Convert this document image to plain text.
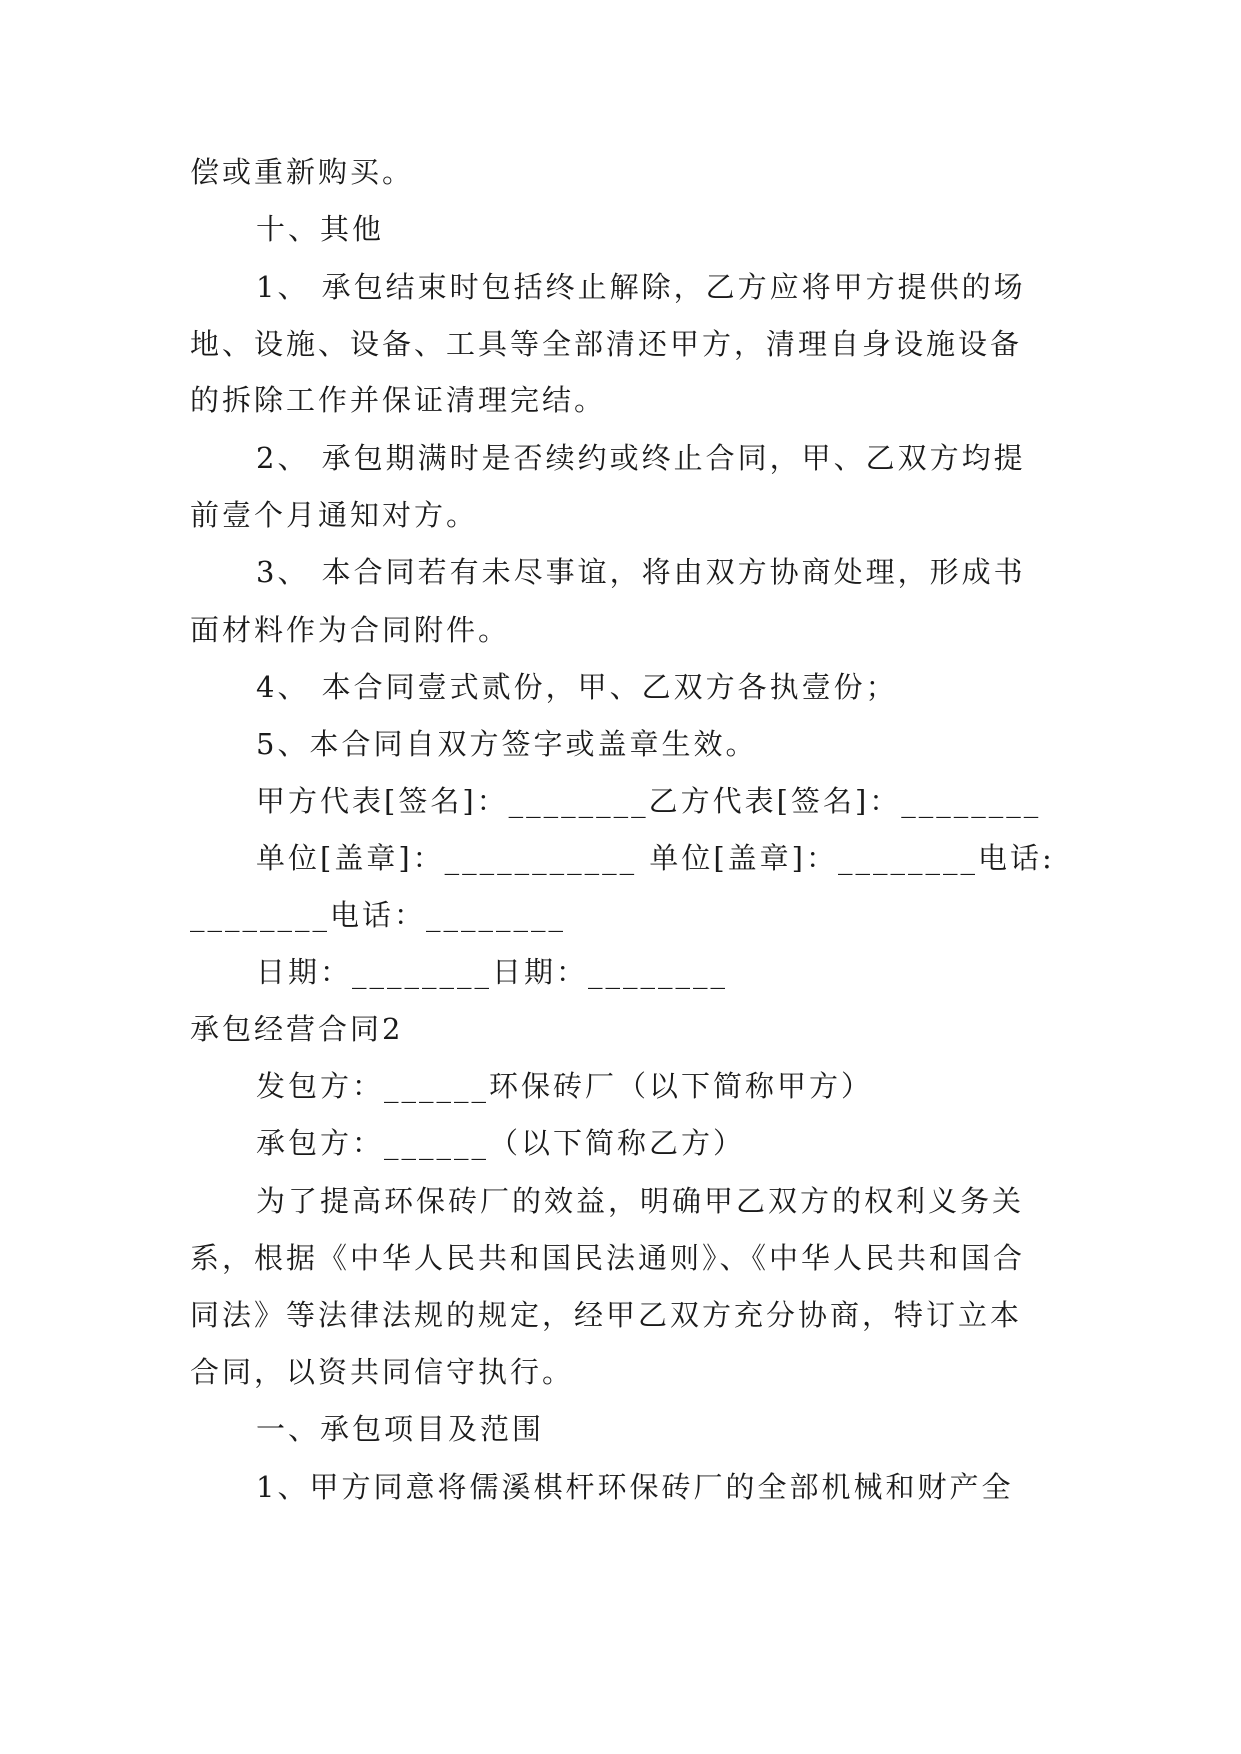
偿或重新购买。
十、其他
1、 承包结束时包括终止解除，乙方应将甲方提供的场
地、设施、设备、工具等全部清还甲方，清理自身设施设备
的拆除工作并保证清理完结。
2、 承包期满时是否续约或终止合同，甲、乙双方均提
前壹个月通知对方。
3、 本合同若有未尽事谊，将由双方协商处理，形成书
面材料作为合同附件。
4、 本合同壹式贰份，甲、乙双方各执壹份；
5、本合同自双方签字或盖章生效。
甲方代表[签名]：________乙方代表[签名]：________
单位[盖章]：___________ 单位[盖章]：________电话:
________电话：________
日期：________日期：________
承包经营合同2
发包方：______环保砖厂（以下简称甲方）
承包方：______（以下简称乙方）
为了提高环保砖厂的效益，明确甲乙双方的权利义务关
系，根据《中华人民共和国民法通则》、《中华人民共和国合
同法》等法律法规的规定，经甲乙双方充分协商，特订立本
合同，以资共同信守执行。
一、承包项目及范围
1、甲方同意将儒溪棋杆环保砖厂的全部机械和财产全
